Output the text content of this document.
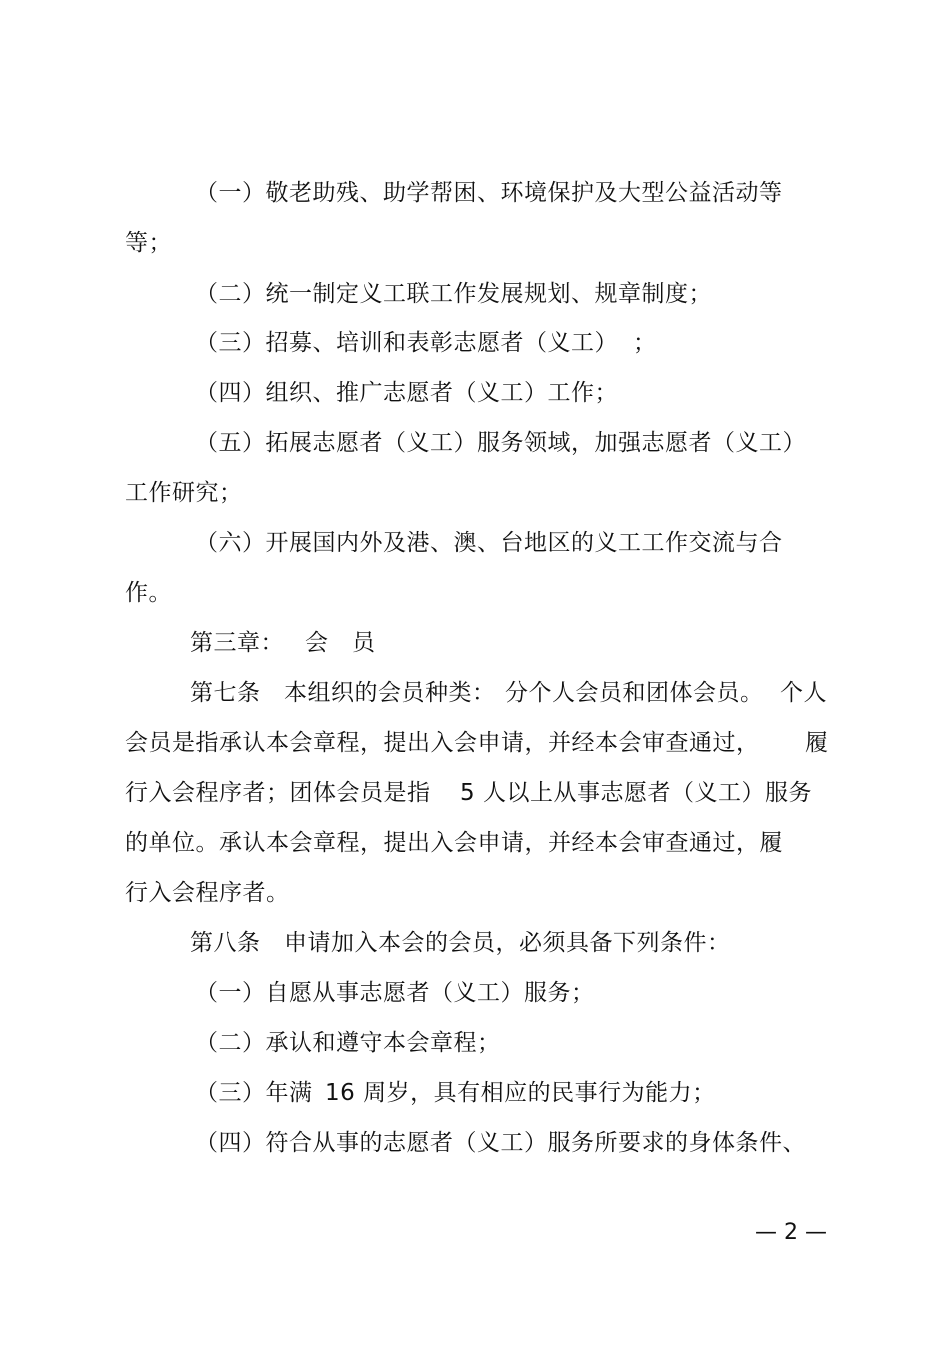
（一）敬老助残、助学帮困、环境保护及大型公益活动等
等；
（二）统一制定义工联工作发展规划、规章制度；
（三）招募、培训和表彰志愿者（义工） ；
（四）组织、推广志愿者（义工）工作；
（五）拓展志愿者（义工）服务领域，加强志愿者（义工）
工作研究；
（六）开展国内外及港、澳、台地区的义工工作交流与合
作。
第三章： 会　员
第七条　本组织的会员种类： 分个人会员和团体会员。 个人
会员是指承认本会章程，提出入会申请，并经本会审查通过， 履
行入会程序者；团体会员是指 5 人以上从事志愿者（义工）服务
的单位。承认本会章程，提出入会申请，并经本会审查通过，履
行入会程序者。
第八条　申请加入本会的会员，必须具备下列条件：
（一）自愿从事志愿者（义工）服务；
（二）承认和遵守本会章程；
（三）年满 16 周岁，具有相应的民事行为能力；
（四）符合从事的志愿者（义工）服务所要求的身体条件、
— 2 —
